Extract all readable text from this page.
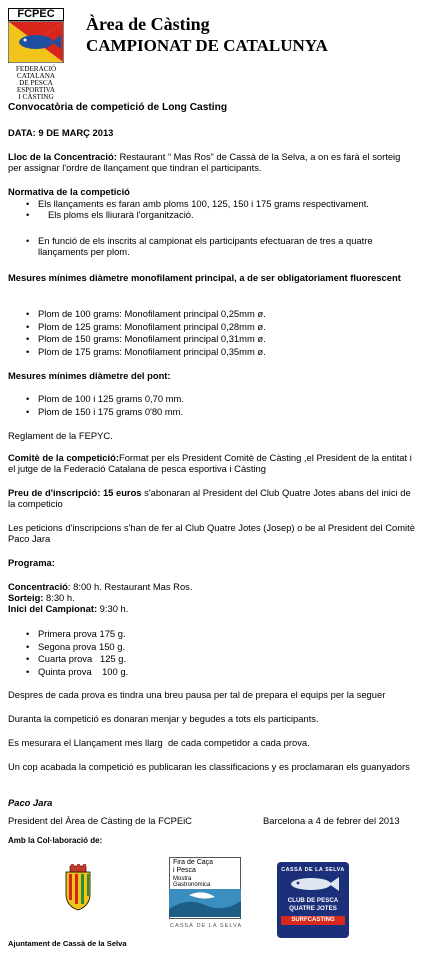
FCPEC
FEDERACIÓ
CATALANA
DE PESCA
ESPORTIVA
I CÀSTING
Àrea de Càsting
CAMPIONAT DE CATALUNYA
Convocatòria de competició de Long Casting
DATA: 9 DE MARÇ 2013

Lloc de la Concentració: Restaurant “ Mas Ros” de Cassà de la Selva, a on es farà el sorteig per assignar l'ordre de llançament que tindran el participants.

Normativa de la competició
• Els llançaments es faran amb ploms 100, 125, 150 i 175 grams respectivament.
• Els ploms els lliurarà l'organització.
• En funció de els inscrits al campionat els participants efectuaran de tres a quatre llançaments per plom.
Mesures mínimes diàmetre monofilament principal, a de ser obligatoriament fluorescent
• Plom de 100 grams: Monofilament principal 0,25mm ø.
• Plom de 125 grams: Monofilament principal 0,28mm ø.
• Plom de 150 grams: Monofilament principal 0,31mm ø.
• Plom de 175 grams: Monofilament principal 0,35mm ø.
Mesures mínimes diàmetre del pont:
• Plom de 100 i 125 grams 0,70 mm.
• Plom de 150 i 175 grams 0'80 mm.
Reglament de la FEPYC.

Comitè de la competició:Format per els President Comitè de Càsting ,el President de la entitat i el jutge de la Federació Catalana de pesca esportiva i Càsting

Preu de d'inscripció: 15 euros s'abonaran al President del Club Quatre Jotes abans del inici de la competicio

Les peticions d'inscripcions s'han de fer al Club Quatre Jotes (Josep) o be al President del Comitè Paco Jara

Programa:
Concentració: 8:00 h. Restaurant Mas Ros.
Sorteig: 8:30 h.
Inici del Campionat: 9:30 h.
• Primera prova 175 g.
• Segona prova 150 g.
• Cuarta prova   125 g.
• Quinta prova    100 g.

Despres de cada prova es tindra una breu pausa per tal de prepara el equips per la seguer

Duranta la competició es donaran menjar y begudes a tots els participants.

Es mesurara el Llançament mes llarg  de cada competidor a cada prova.

Un cop acabada la competició es publicaran les classificacions y es proclamaran els guanyadors

Paco Jara
President del Àrea de Càsting de la FCPEiC	Barcelona a 4 de febrer del 2013
Amb la Col·laboració de:
Ajuntament de Cassà de la Selva
Fira de Caça
i Pesca
Mostra
Gastronòmica
CASSÀ DE LA SELVA
CASSÀ DE LA SELVA
CLUB DE PESCA
QUATRE JOTES
SURFCASTING
